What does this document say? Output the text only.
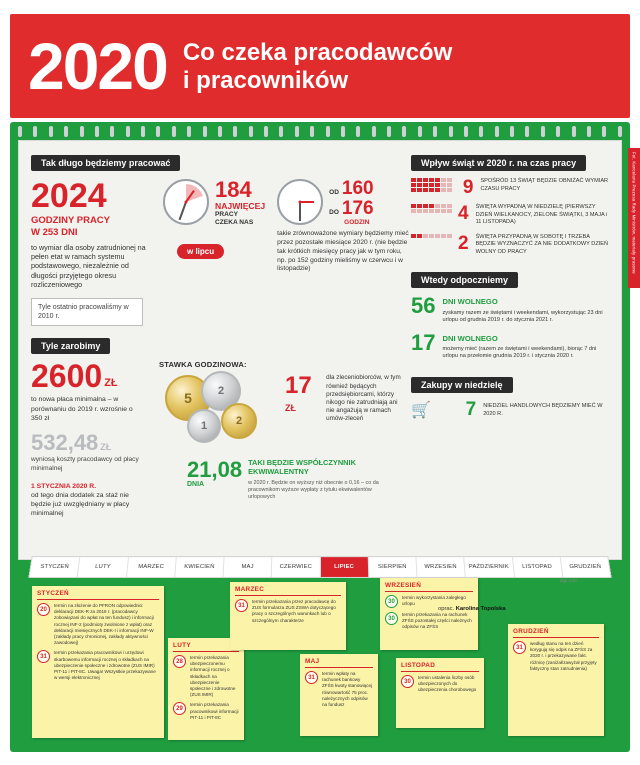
2020 Co czeka pracodawców
i pracowników
Fot. Kancelaria Prezesa Rady Ministrów, materiały prasowe
Tak długo będziemy pracować
2024
GODZINY PRACY
W 253 DNI
to wymiar dla osoby zatrudnionej na pełen etat w ramach systemu podstawowego, niezależnie od długości przyjętego okresu rozliczeniowego
Tyle ostatnio pracowaliśmy w 2010 r.
184
NAJWIĘCEJ
PRACY
CZEKA NAS
w lipcu
OD 160
DO 176
GODZIN
takie zrównoważone wymiary będziemy mieć przez pozostałe miesiące 2020 r. (nie będzie tak krótkich miesięcy pracy jak w tym roku, np. po 152 godziny mieliśmy w czerwcu i w listopadzie)
Tyle zarobimy
2600 ZŁ
to nowa płaca minimalna – w porównaniu do 2019 r. wzrośnie o 350 zł
532,48 ZŁ
wyniosą koszty pracodawcy od płacy minimalnej
1 STYCZNIA 2020 R.
od tego dnia dodatek za staż nie będzie już uwzględniany w płacy minimalnej
STAWKA GODZINOWA:
5	2
1	2
17 ZŁ
dla zleceniobiorców, w tym również będących przedsiębiorcami, którzy nikogo nie zatrudniają ani nie angażują w ramach umów-zleceń
21,08
DNIA
TAKI BĘDZIE WSPÓŁCZYNNIK EKWIWALENTNY
w 2020 r. Będzie on wyższy niż obecnie o 0,16 – co da pracownikom wyższe wypłaty z tytułu ekwiwalentów urlopowych
Wpływ świąt w 2020 r. na czas pracy
9 SPOŚRÓD 13 ŚWIĄT BĘDZIE OBNIŻAĆ WYMIAR CZASU PRACY
4 ŚWIĘTA WYPADNĄ W NIEDZIELĘ (PIERWSZY DZIEŃ WIELKANOCY, ZIELONE ŚWIĄTKI, 3 MAJA i 11 LISTOPADA)
2 ŚWIĘTA PRZYPADNĄ W SOBOTĘ I TRZEBA BĘDZIE WYZNACZYĆ ZA NIE DODATKOWY DZIEŃ WOLNY OD PRACY
Wtedy odpoczniemy
56 DNI WOLNEGO
zyskamy razem ze świętami i weekendami, wykorzystując 23 dni urlopu od grudnia 2019 r. do stycznia 2021 r.
17 DNI WOLNEGO
możemy mieć (razem ze świętami i weekendami), biorąc 7 dni urlopu na przełomie grudnia 2019 r. i stycznia 2020 r.
Zakupy w niedzielę
🛒	7 NIEDZIEL HANDLOWYCH BĘDZIEMY MIEĆ W 2020 R.
STYCZEŃ	LUTY	MARZEC	KWIECIEŃ	MAJ	CZERWIEC	LIPIEC	SIERPIEŃ	WRZESIEŃ	PAŹDZIERNIK	LISTOPAD	GRUDZIEŃ
STYCZEŃ
20
termin na złożenie do PFRON odpowiednio: deklaracji DEK-R za 2018 r. (pracodawcy zobowiązani do wpłat na ten fundusz) i informacji rocznej INF-2 (podmioty zwolnione z wpłat) oraz deklaracji miesięcznych DEK-I i informacji INF-W (zakłady pracy chronionej, zakłady aktywności zawodowej)
31
termin przekazania pracownikowi i urzędowi skarbowemu informacji rocznej o składkach na ubezpieczenie społeczne i zdrowotne (ZUS IMIR) PIT-11 i PIT-8C. Uwaga! Wszystkie przekazywane w wersji elektronicznej
LUTY
28
termin przekazania ubezpieczonemu informacji rocznej o składkach na ubezpieczenie społeczne i zdrowotne (ZUS IMIR)
29
termin przekazania pracownikowi informacji PIT-11 i PIT-8C
MARZEC
31
termin przekazania przez pracodawcę do ZUS formularza ZUS ZSWA dotyczącego pracy o szczególnych warunkach lub o szczególnym charakterze
MAJ
31
termin wpłaty na rachunek bankowy ZFŚS kwoty stanowiącej równowartość 75 proc. należycznych odpisów na fundusz
WRZESIEŃ
30
termin wykorzystania zaległego urlopu
30
termin przekazania na rachunek ZFŚS pozostałej części należnych odpisów na ZFŚS
LISTOPAD
30
termin ustalenia liczby osób ubezpieczonych do ubezpieczenia chorobowego
GRUDZIEŃ
31
według stanu na ten dzień korygują się odpis na ZFŚS za 2020 r. i przekazywane fakt. różnicę (zaniżał/zawyżał przyjęty faktyczny stan zatrudnienia)
oprac. Karolina Topolska
dgp ©20
